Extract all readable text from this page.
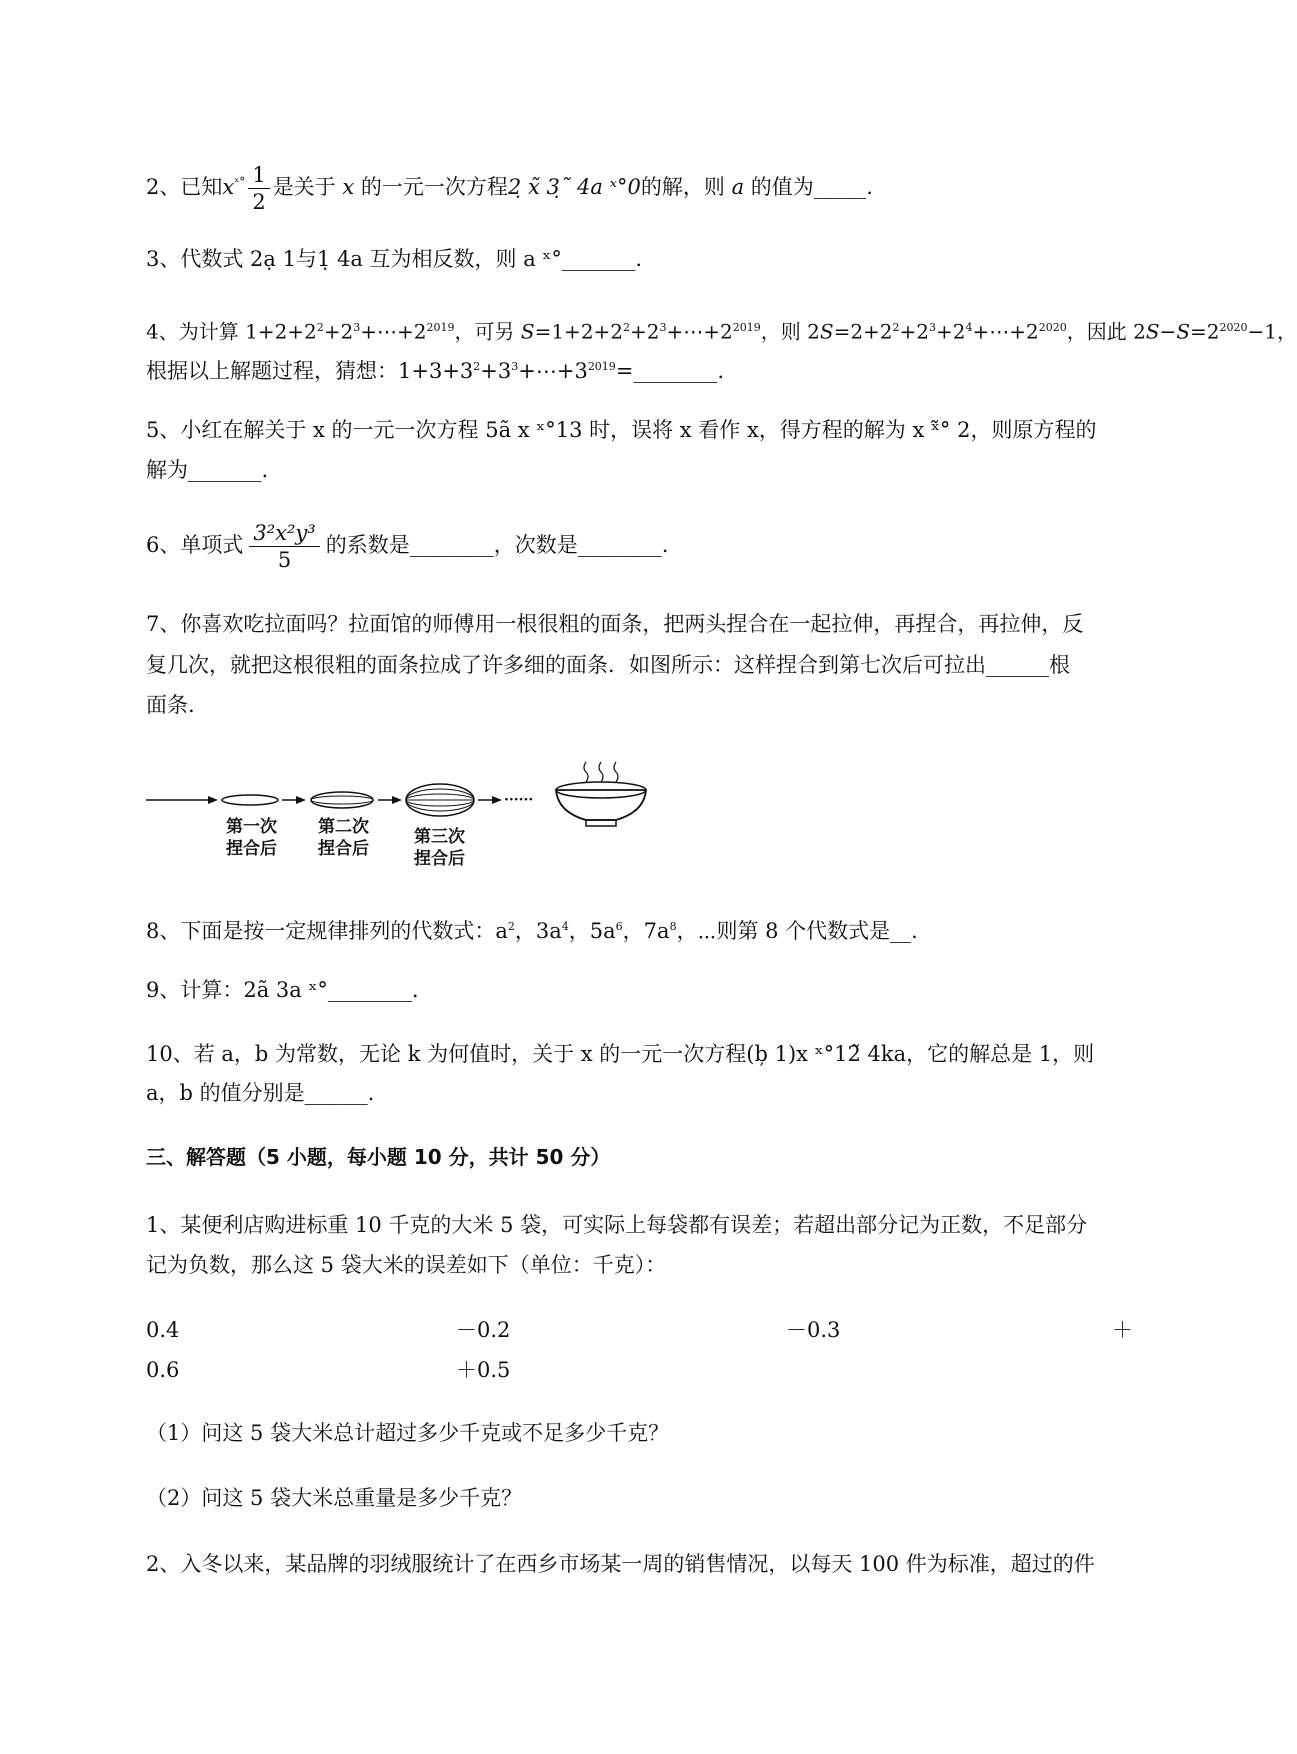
2、已知$x^{ˣ^\circ} \frac{1}{2}$ 是关于 x 的一元一次方程2̣ x̃ 3̣˜ 4a ˣ°0的解，则 a 的值为_____.
3、代数式 2ạ 1与1̣ 4a 互为相反数，则 a ˣ°_______.
4、为计算 $1+2+2^2+2^3+\cdots+2^{2019}$，可另 $S=1+2+2^2+2^3+\cdots+2^{2019}$，则 $2S=2+2^2+2^3+2^4+\cdots+2^{2020}$，因此 $2S-S=2^{2020}-1$，
根据以上解题过程，猜想：$1+3+3^2+3^3+\cdots+3^{2019}=\_\_\_\_\_\_\_\_$.
5、小红在解关于 x 的一元一次方程 5ã x ˣ°13 时，误将 x 看作 x，得方程的解为 x ˣ̃° 2，则原方程的
解为_______.
6、单项式 $\frac{\text{3²x²y³}}{5}$ 的系数是________，次数是________.
7、你喜欢吃拉面吗？拉面馆的师傅用一根很粗的面条，把两头捏合在一起拉伸，再捏合，再拉伸，反
复几次，就把这根很粗的面条拉成了许多细的面条．如图所示：这样捏合到第七次后可拉出______根
面条.
······
第一次
捏合后
第二次
捏合后
第三次
捏合后
8、下面是按一定规律排列的代数式：$a^2$，$3a^4$，$5a^6$，$7a^8$，⋯则第 8 个代数式是__.
9、计算：2ã 3a ˣ°________.
10、若 a，b 为常数，无论 k 为何值时，关于 x 的一元一次方程(b̦ 1)x ˣ°12̃ 4ka，它的解总是 1，则
a，b 的值分别是______.
三、解答题（5 小题，每小题 10 分，共计 50 分）
1、某便利店购进标重 10 千克的大米 5 袋，可实际上每袋都有误差；若超出部分记为正数，不足部分
记为负数，那么这 5 袋大米的误差如下（单位：千克）：
0.4	－0.2	－0.3	＋
0.6	＋0.5
（1）问这 5 袋大米总计超过多少千克或不足多少千克？
（2）问这 5 袋大米总重量是多少千克？
2、入冬以来，某品牌的羽绒服统计了在西乡市场某一周的销售情况，以每天 100 件为标准，超过的件
